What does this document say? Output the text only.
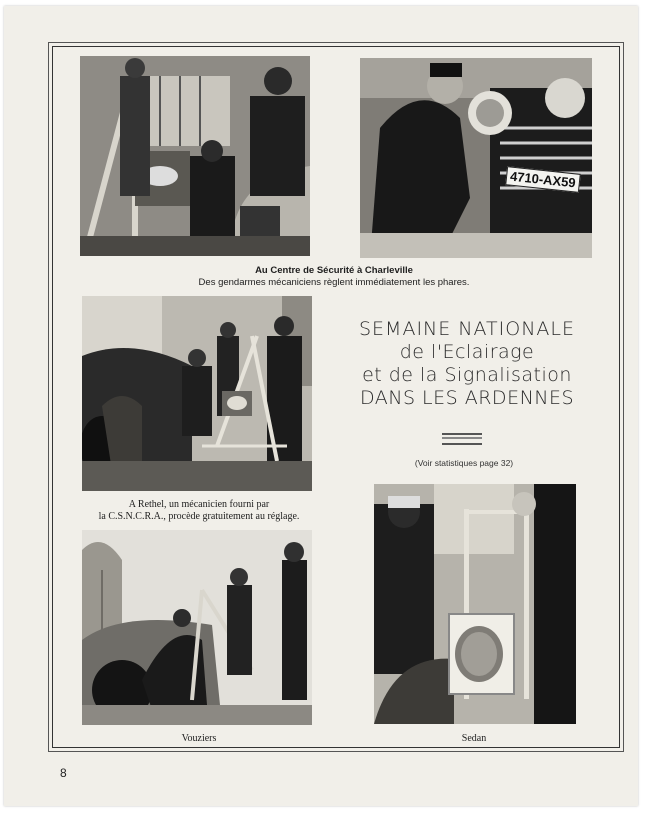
4710-AX59
Au Centre de Sécurité à Charleville
Des gendarmes mécaniciens règlent immédiatement les phares.
A Rethel, un mécanicien fourni par
la C.S.N.C.R.A., procède gratuitement au réglage.
SEMAINE NATIONALE
de l'Eclairage
et de la Signalisation
DANS LES ARDENNES
(Voir statistiques page 32)
Vouziers	Sedan
8
